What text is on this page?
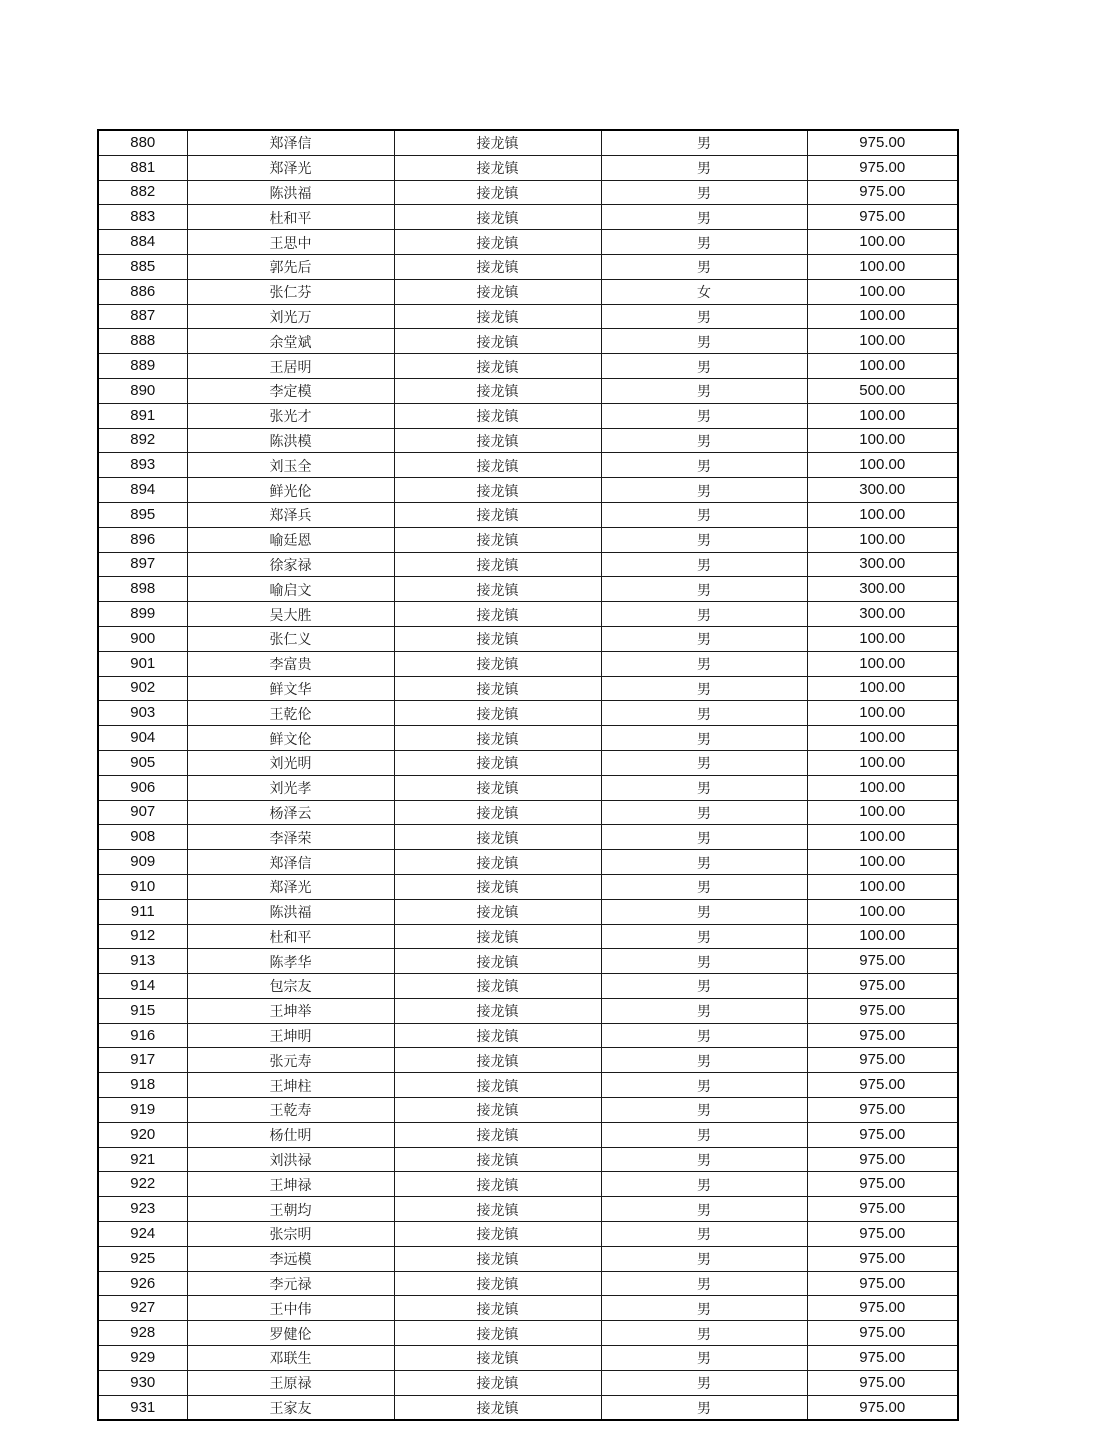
880	郑泽信	接龙镇	男	975.00
881	郑泽光	接龙镇	男	975.00
882	陈洪福	接龙镇	男	975.00
883	杜和平	接龙镇	男	975.00
884	王思中	接龙镇	男	100.00
885	郭先后	接龙镇	男	100.00
886	张仁芬	接龙镇	女	100.00
887	刘光万	接龙镇	男	100.00
888	余堂斌	接龙镇	男	100.00
889	王居明	接龙镇	男	100.00
890	李定模	接龙镇	男	500.00
891	张光才	接龙镇	男	100.00
892	陈洪模	接龙镇	男	100.00
893	刘玉全	接龙镇	男	100.00
894	鲜光伦	接龙镇	男	300.00
895	郑泽兵	接龙镇	男	100.00
896	喻廷恩	接龙镇	男	100.00
897	徐家禄	接龙镇	男	300.00
898	喻启文	接龙镇	男	300.00
899	吴大胜	接龙镇	男	300.00
900	张仁义	接龙镇	男	100.00
901	李富贵	接龙镇	男	100.00
902	鲜文华	接龙镇	男	100.00
903	王乾伦	接龙镇	男	100.00
904	鲜文伦	接龙镇	男	100.00
905	刘光明	接龙镇	男	100.00
906	刘光孝	接龙镇	男	100.00
907	杨泽云	接龙镇	男	100.00
908	李泽荣	接龙镇	男	100.00
909	郑泽信	接龙镇	男	100.00
910	郑泽光	接龙镇	男	100.00
911	陈洪福	接龙镇	男	100.00
912	杜和平	接龙镇	男	100.00
913	陈孝华	接龙镇	男	975.00
914	包宗友	接龙镇	男	975.00
915	王坤举	接龙镇	男	975.00
916	王坤明	接龙镇	男	975.00
917	张元寿	接龙镇	男	975.00
918	王坤柱	接龙镇	男	975.00
919	王乾寿	接龙镇	男	975.00
920	杨仕明	接龙镇	男	975.00
921	刘洪禄	接龙镇	男	975.00
922	王坤禄	接龙镇	男	975.00
923	王朝均	接龙镇	男	975.00
924	张宗明	接龙镇	男	975.00
925	李远模	接龙镇	男	975.00
926	李元禄	接龙镇	男	975.00
927	王中伟	接龙镇	男	975.00
928	罗健伦	接龙镇	男	975.00
929	邓联生	接龙镇	男	975.00
930	王原禄	接龙镇	男	975.00
931	王家友	接龙镇	男	975.00
